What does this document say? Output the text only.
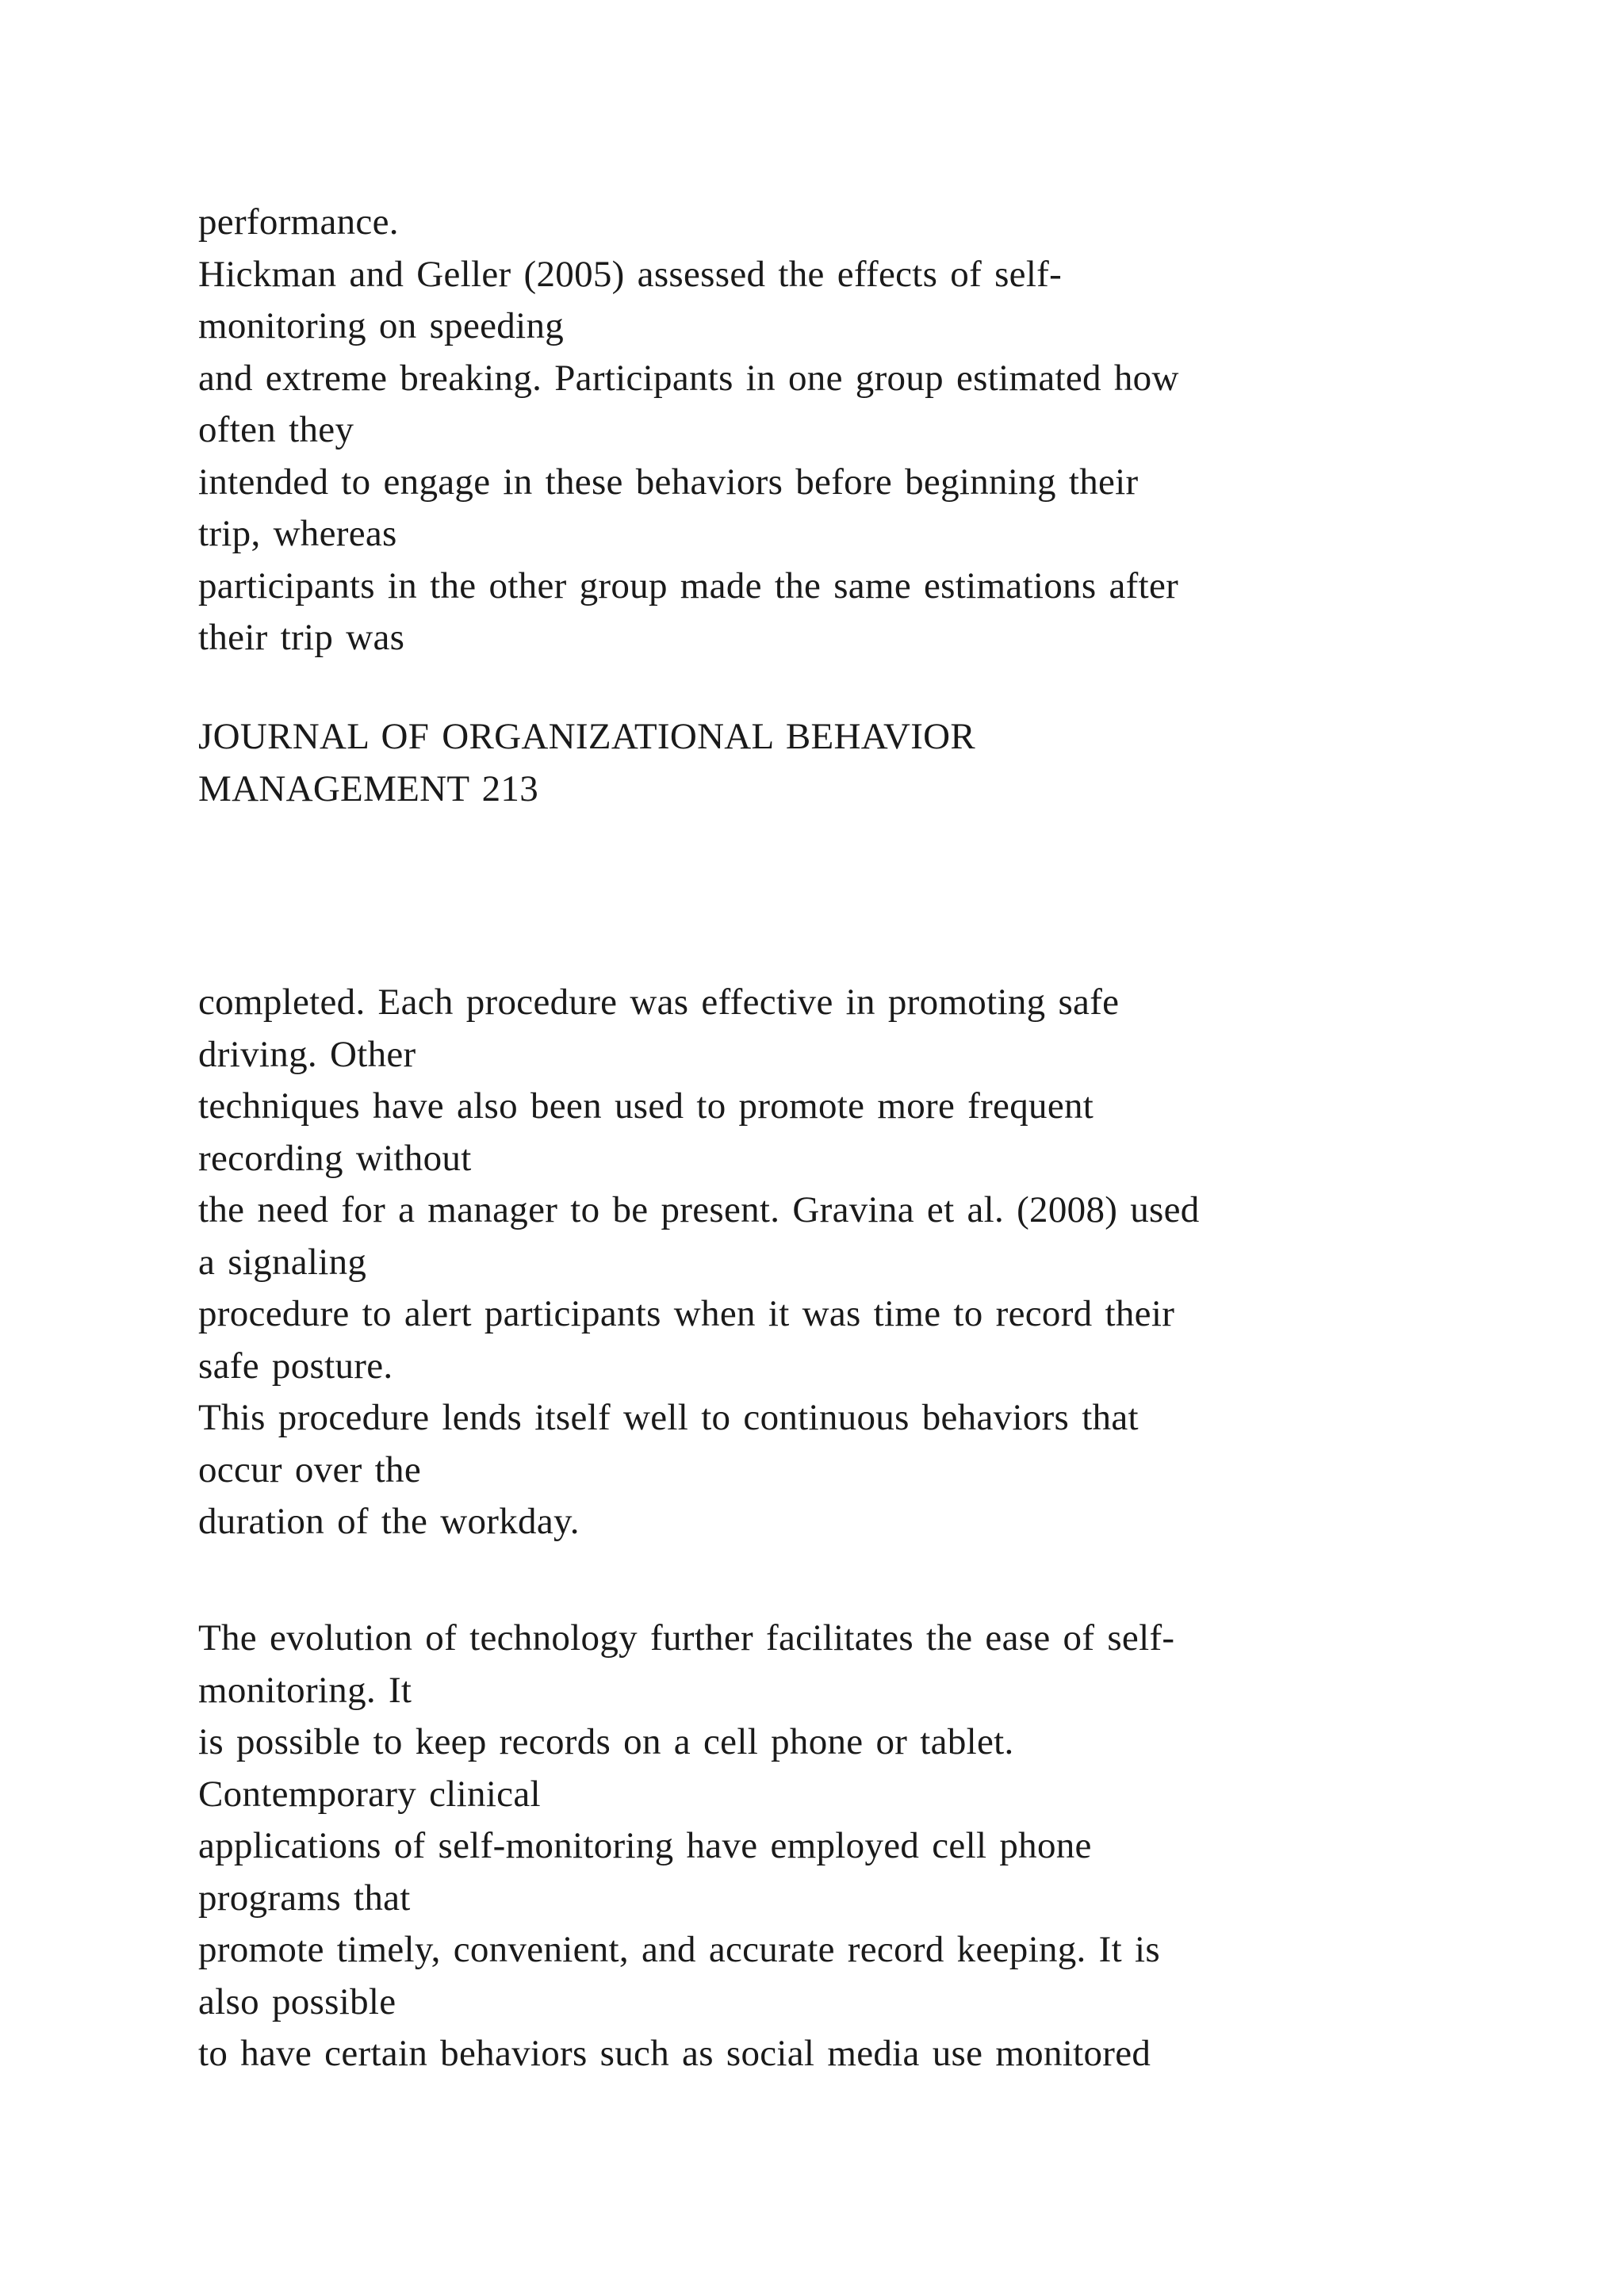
performance.
Hickman and Geller (2005) assessed the effects of self-
monitoring on speeding
and extreme breaking. Participants in one group estimated how
often they
intended to engage in these behaviors before beginning their
trip, whereas
participants in the other group made the same estimations after
their trip was
JOURNAL OF ORGANIZATIONAL BEHAVIOR
MANAGEMENT 213
completed. Each procedure was effective in promoting safe
driving. Other
techniques have also been used to promote more frequent
recording without
the need for a manager to be present. Gravina et al. (2008) used
a signaling
procedure to alert participants when it was time to record their
safe posture.
This procedure lends itself well to continuous behaviors that
occur over the
duration of the workday.
The evolution of technology further facilitates the ease of self-
monitoring. It
is possible to keep records on a cell phone or tablet.
Contemporary clinical
applications of self-monitoring have employed cell phone
programs that
promote timely, convenient, and accurate record keeping. It is
also possible
to have certain behaviors such as social media use monitored
